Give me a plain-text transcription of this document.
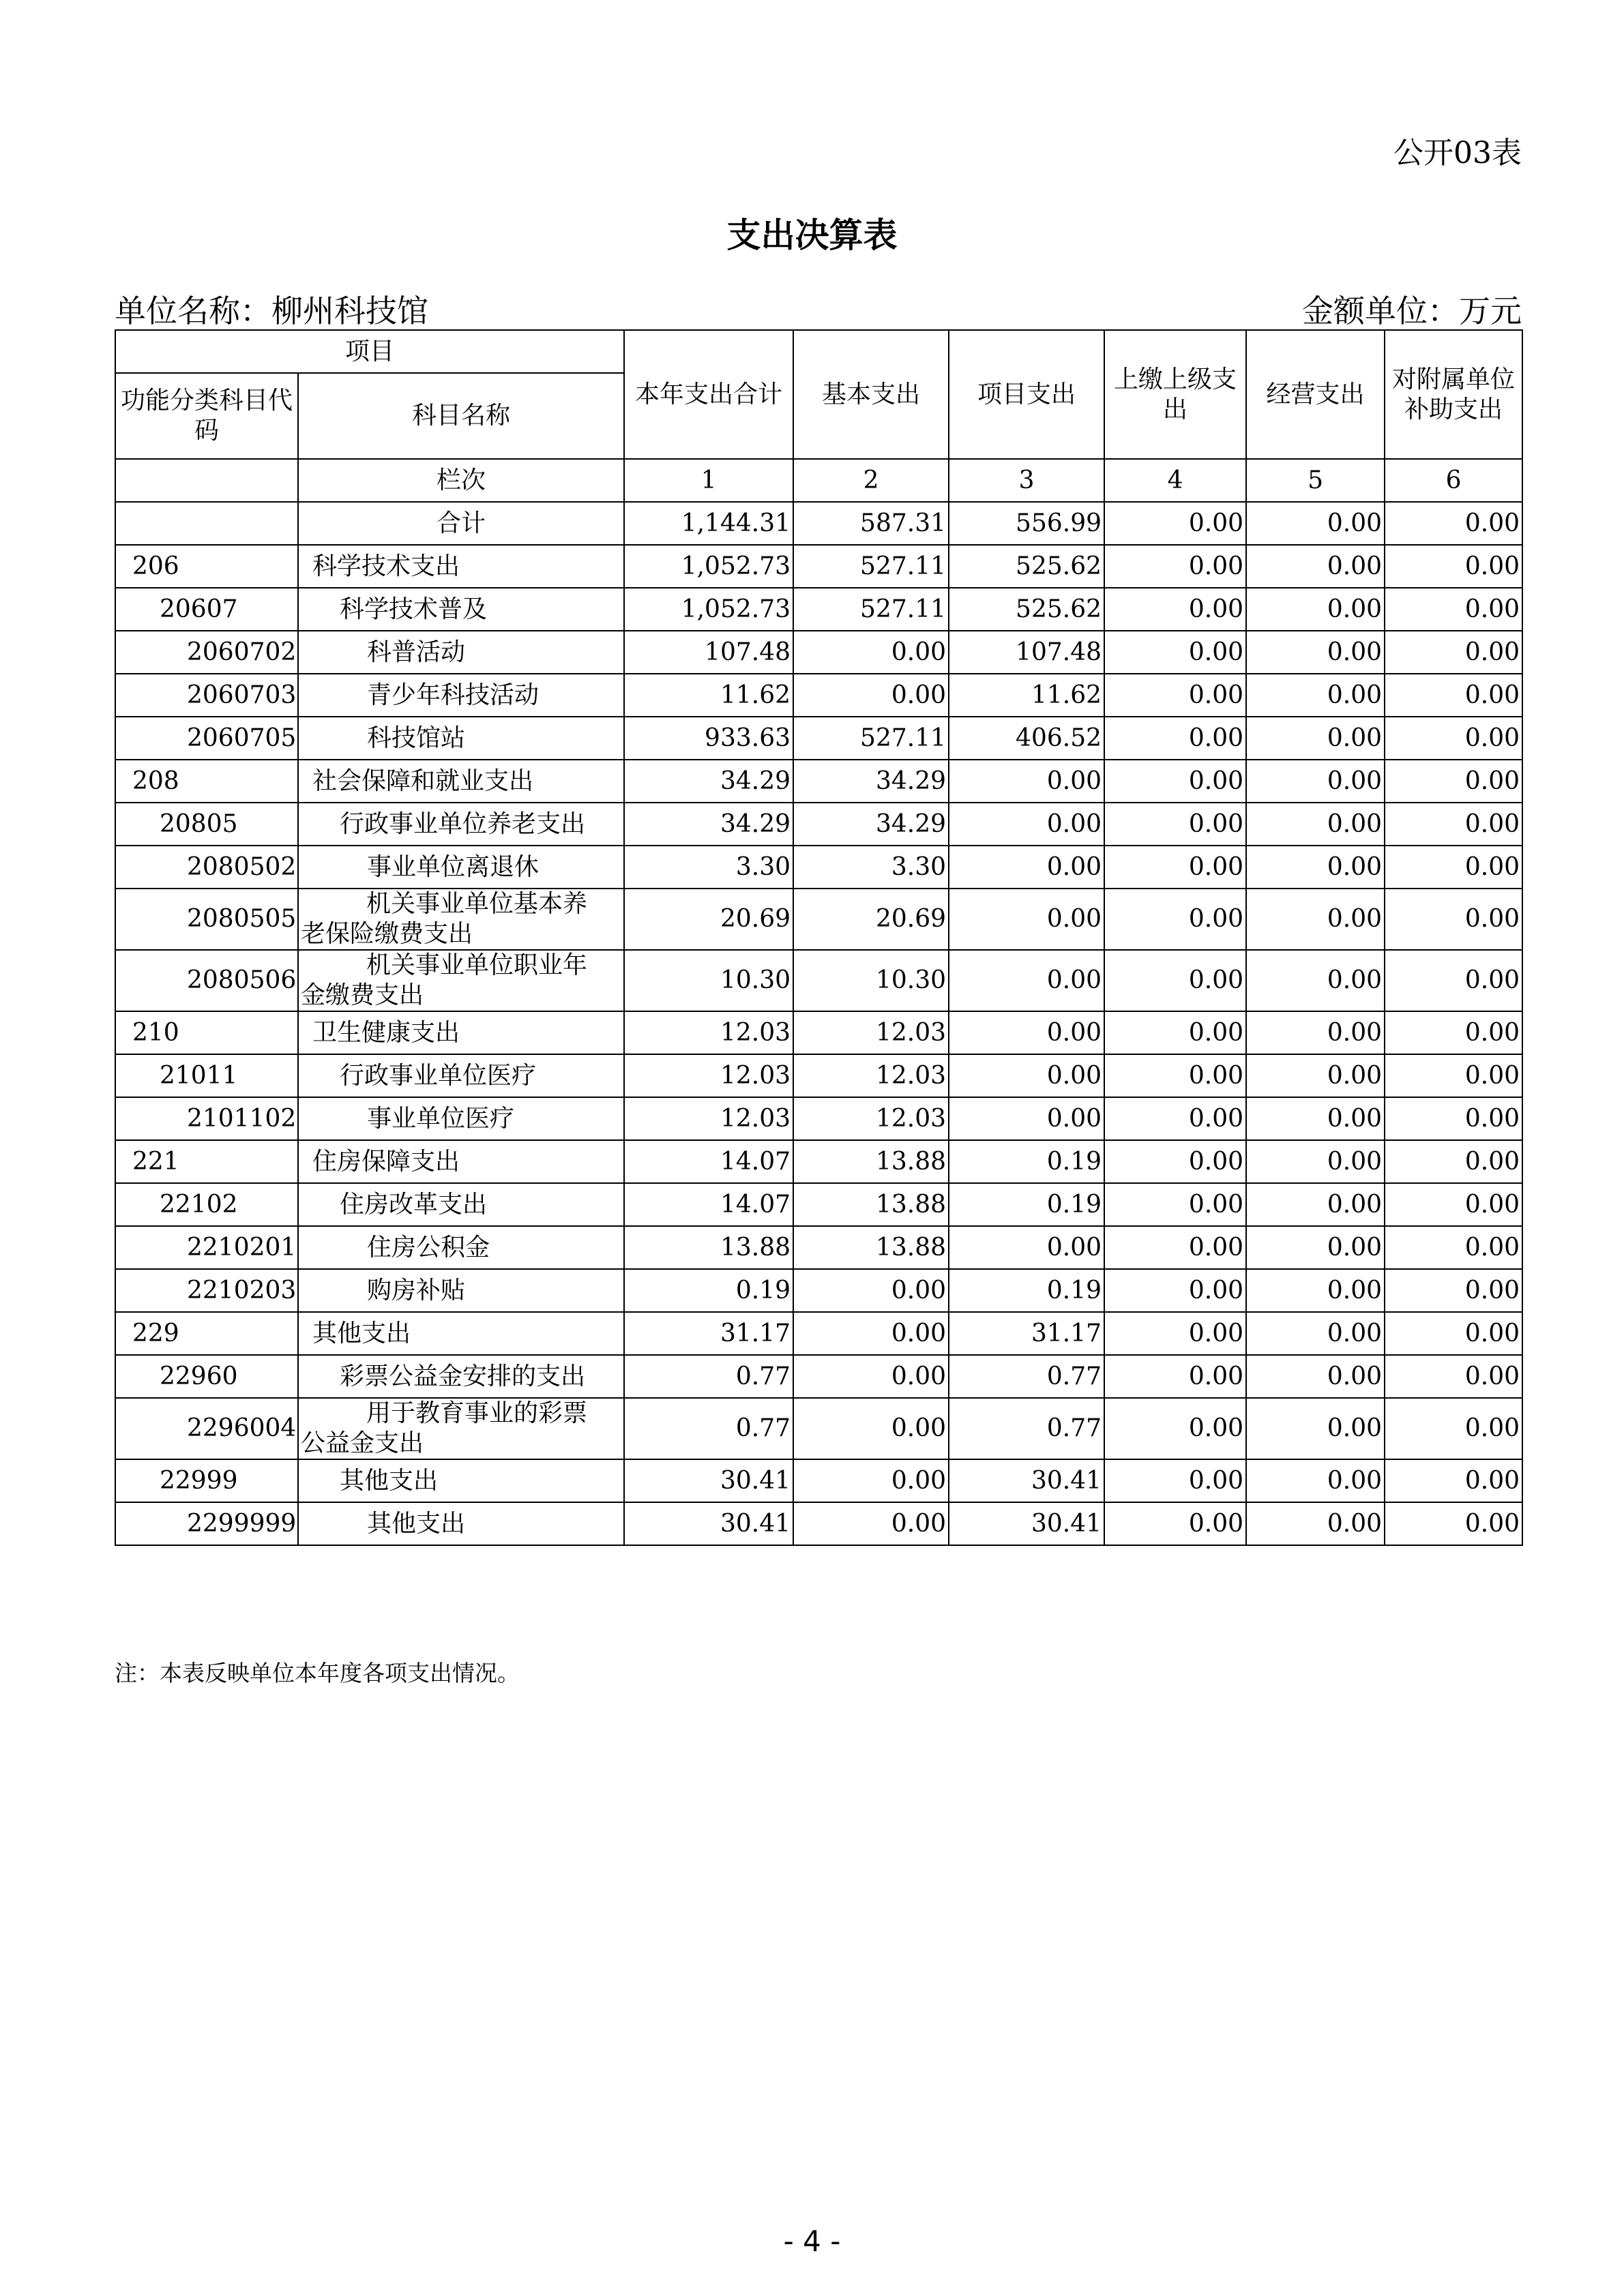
公开03表
支出决算表
单位名称：柳州科技馆	金额单位：万元
项目		本年支出合计	基本支出	项目支出	上缴上级支出	经营支出	对附属单位补助支出
功能分类科目代码	科目名称						
	栏次	1	2	3	4	5	6
	合计	1,144.31	587.31	556.99	0.00	0.00	0.00
206	科学技术支出	1,052.73	527.11	525.62	0.00	0.00	0.00
20607	科学技术普及	1,052.73	527.11	525.62	0.00	0.00	0.00
2060702	科普活动	107.48	0.00	107.48	0.00	0.00	0.00
2060703	青少年科技活动	11.62	0.00	11.62	0.00	0.00	0.00
2060705	科技馆站	933.63	527.11	406.52	0.00	0.00	0.00
208	社会保障和就业支出	34.29	34.29	0.00	0.00	0.00	0.00
20805	行政事业单位养老支出	34.29	34.29	0.00	0.00	0.00	0.00
2080502	事业单位离退休	3.30	3.30	0.00	0.00	0.00	0.00
2080505	机关事业单位基本养
老保险缴费支出	20.69	20.69	0.00	0.00	0.00	0.00
2080506	机关事业单位职业年
金缴费支出	10.30	10.30	0.00	0.00	0.00	0.00
210	卫生健康支出	12.03	12.03	0.00	0.00	0.00	0.00
21011	行政事业单位医疗	12.03	12.03	0.00	0.00	0.00	0.00
2101102	事业单位医疗	12.03	12.03	0.00	0.00	0.00	0.00
221	住房保障支出	14.07	13.88	0.19	0.00	0.00	0.00
22102	住房改革支出	14.07	13.88	0.19	0.00	0.00	0.00
2210201	住房公积金	13.88	13.88	0.00	0.00	0.00	0.00
2210203	购房补贴	0.19	0.00	0.19	0.00	0.00	0.00
229	其他支出	31.17	0.00	31.17	0.00	0.00	0.00
22960	彩票公益金安排的支出	0.77	0.00	0.77	0.00	0.00	0.00
2296004	用于教育事业的彩票
公益金支出	0.77	0.00	0.77	0.00	0.00	0.00
22999	其他支出	30.41	0.00	30.41	0.00	0.00	0.00
2299999	其他支出	30.41	0.00	30.41	0.00	0.00	0.00
注：本表反映单位本年度各项支出情况。
- 4 -
